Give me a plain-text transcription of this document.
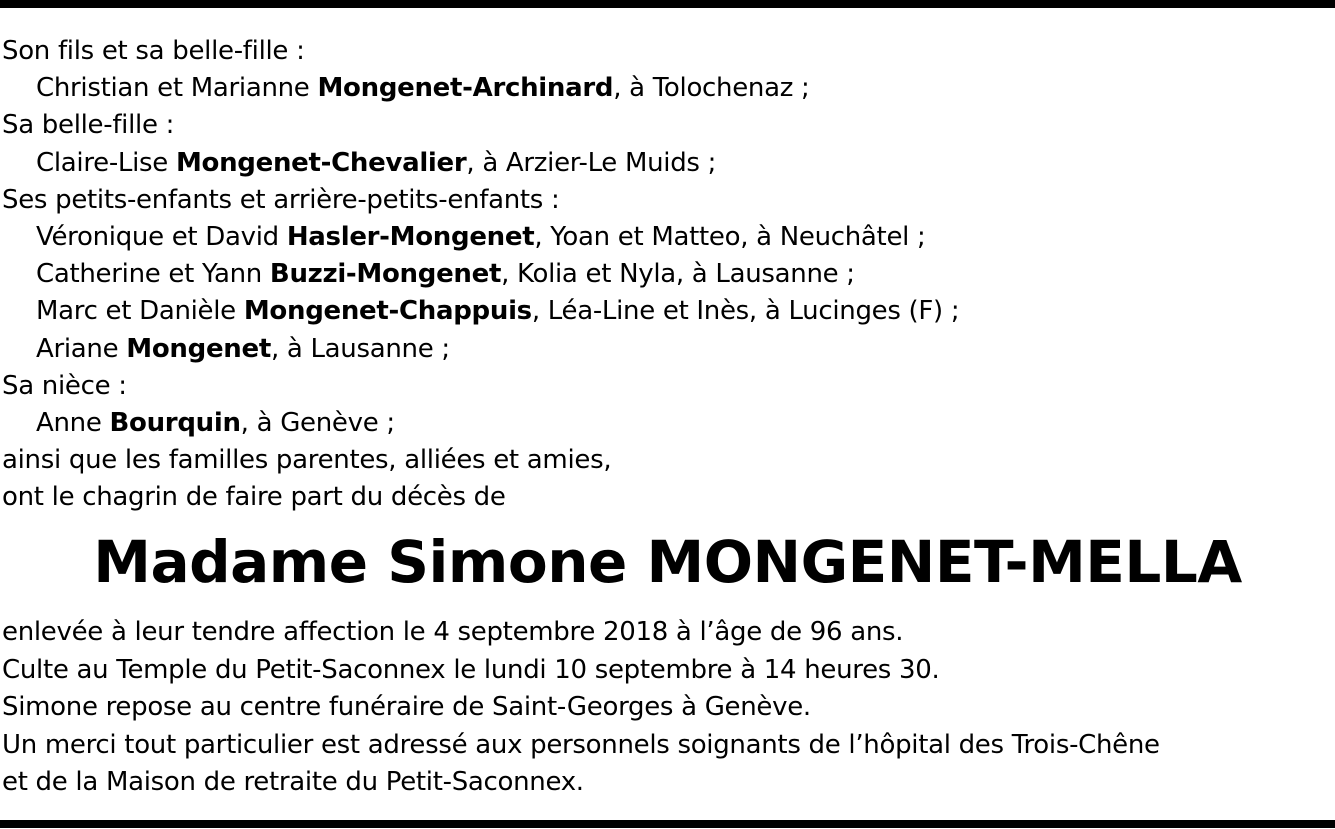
Son fils et sa belle-fille :
Christian et Marianne Mongenet-Archinard, à Tolochenaz ;
Sa belle-fille :
Claire-Lise Mongenet-Chevalier, à Arzier-Le Muids ;
Ses petits-enfants et arrière-petits-enfants :
Véronique et David Hasler-Mongenet, Yoan et Matteo, à Neuchâtel ;
Catherine et Yann Buzzi-Mongenet, Kolia et Nyla, à Lausanne ;
Marc et Danièle Mongenet-Chappuis, Léa-Line et Inès, à Lucinges (F) ;
Ariane Mongenet, à Lausanne ;
Sa nièce :
Anne Bourquin, à Genève ;
ainsi que les familles parentes, alliées et amies,
ont le chagrin de faire part du décès de
Madame Simone MONGENET-MELLA
enlevée à leur tendre affection le 4 septembre 2018 à l’âge de 96 ans.
Culte au Temple du Petit-Saconnex le lundi 10 septembre à 14 heures 30.
Simone repose au centre funéraire de Saint-Georges à Genève.
Un merci tout particulier est adressé aux personnels soignants de l’hôpital des Trois-Chêne
et de la Maison de retraite du Petit-Saconnex.
